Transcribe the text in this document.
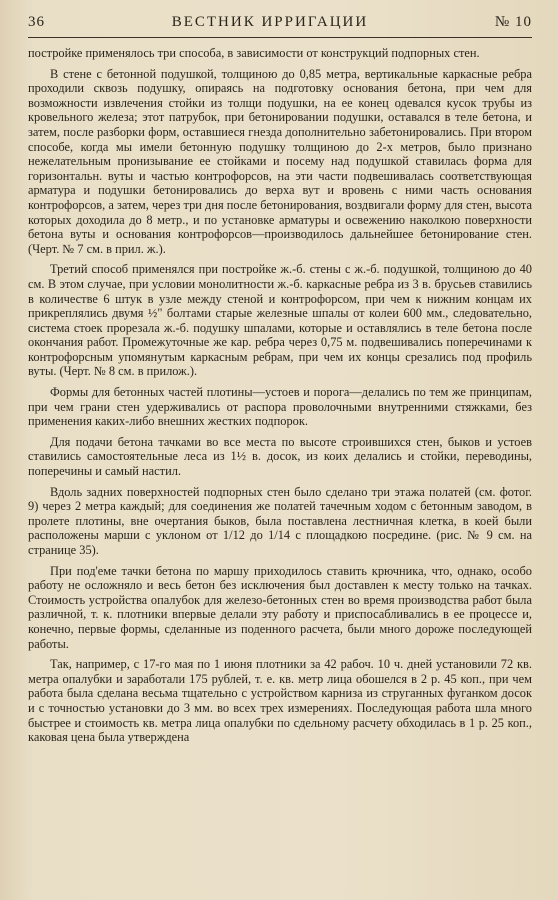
36	ВЕСТНИК ИРРИГАЦИИ	№ 10

постройке применялось три способа, в зависимости от конструкций подпорных стен.

В стене с бетонной подушкой, толщиною до 0,85 метра, вертикальные каркасные ребра проходили сквозь подушку, опираясь на подготовку основания бетона, при чем для возможности извлечения стойки из толщи подушки, на ее конец одевался кусок трубы из кровельного железа; этот патрубок, при бетонировании подушки, оставался в теле бетона, и затем, после разборки форм, оставшиеся гнезда дополнительно забетонировались. При втором способе, когда мы имели бетонную подушку толщиною до 2-х метров, было признано нежелательным пронизывание ее стойками и посему над подушкой ставилась форма для горизонтальн. вуты и частью контрофорсов, на эти части подвешивалась соответствующая арматура и подушки бетонировались до верха вут и вровень с ними часть основания контрофорсов, а затем, через три дня после бетонирования, воздвигали форму для стен, высота которых доходила до 8 метр., и по установке арматуры и освежению наколкою поверхности бетона вуты и основания контрофорсов—производилось дальнейшее бетонирование стен. (Черт. № 7 см. в прил. ж.).

Третий способ применялся при постройке ж.-б. стены с ж.-б. подушкой, толщиною до 40 см. В этом случае, при условии монолитности ж.-б. каркасные ребра из 3 в. брусьев ставились в количестве 6 штук в узле между стеной и контрофорсом, при чем к нижним концам их прикреплялись двумя ½" болтами старые железные шпалы от колеи 600 мм., следовательно, система стоек прорезала ж.-б. подушку шпалами, которые и оставлялись в теле бетона после окончания работ. Промежуточные же кар. ребра через 0,75 м. подвешивались поперечинами к контрофорсным упомянутым каркасным ребрам, при чем их концы срезались под профиль вуты. (Черт. № 8 см. в прилож.).

Формы для бетонных частей плотины—устоев и порога—делались по тем же принципам, при чем грани стен удерживались от распора проволочными внутренними стяжками, без применения каких-либо внешних жестких подпорок.

Для подачи бетона тачками во все места по высоте строившихся стен, быков и устоев ставились самостоятельные леса из 1½ в. досок, из коих делались и стойки, переводины, поперечины и самый настил.

Вдоль задних поверхностей подпорных стен было сделано три этажа полатей (см. фотог. 9) через 2 метра каждый; для соединения же полатей тачечным ходом с бетонным заводом, в пролете плотины, вне очертания быков, была поставлена лестничная клетка, в коей были расположены марши с уклоном от 1/12 до 1/14 с площадкою посредине. (рис. № 9 см. на странице 35).

При под'еме тачки бетона по маршу приходилось ставить крючника, что, однако, особо работу не осложняло и весь бетон без исключения был доставлен к месту только на тачках. Стоимость устройства опалубок для железо-бетонных стен во время производства работ была различной, т. к. плотники впервые делали эту работу и приспосабливались в ее процессе и, конечно, первые формы, сделанные из поденного расчета, были много дороже последующей работы.

Так, например, с 17-го мая по 1 июня плотники за 42 рабоч. 10 ч. дней установили 72 кв. метра опалубки и заработали 175 рублей, т. е. кв. метр лица обошелся в 2 р. 45 коп., при чем работа была сделана весьма тщательно с устройством карниза из струганных фуганком досок и с точностью установки до 3 мм. во всех трех измерениях. Последующая работа шла много быстрее и стоимость кв. метра лица опалубки по сдельному расчету обходилась в 1 р. 25 коп., каковая цена была утверждена
